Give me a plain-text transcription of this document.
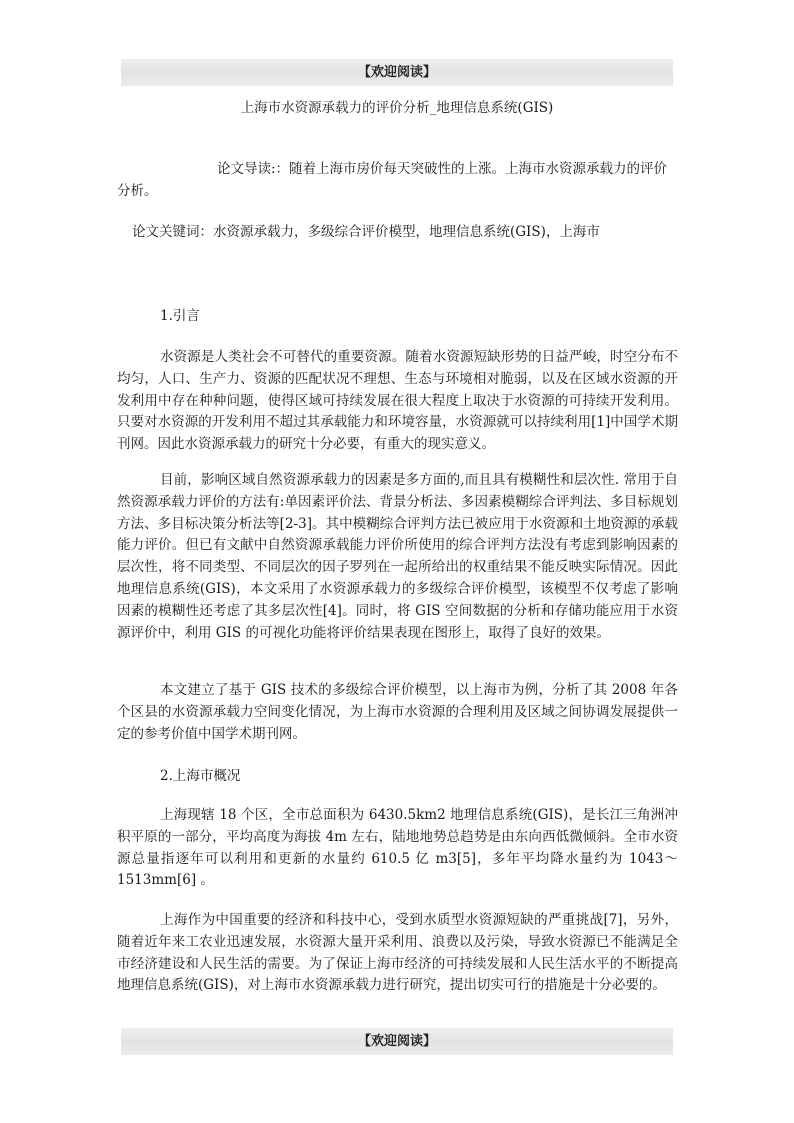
【欢迎阅读】
上海市水资源承载力的评价分析_地理信息系统(GIS)
论文导读:：随着上海市房价每天突破性的上涨。上海市水资源承载力的评价分析。
论文关键词：水资源承载力，多级综合评价模型，地理信息系统(GIS)，上海市
1.引言
水资源是人类社会不可替代的重要资源。随着水资源短缺形势的日益严峻，时空分布不均匀，人口、生产力、资源的匹配状况不理想、生态与环境相对脆弱，以及在区域水资源的开发利用中存在种种问题，使得区域可持续发展在很大程度上取决于水资源的可持续开发利用。只要对水资源的开发利用不超过其承载能力和环境容量，水资源就可以持续利用[1]中国学术期刊网。因此水资源承载力的研究十分必要，有重大的现实意义。
目前，影响区域自然资源承载力的因素是多方面的,而且具有模糊性和层次性. 常用于自然资源承载力评价的方法有:单因素评价法、背景分析法、多因素模糊综合评判法、多目标规划方法、多目标决策分析法等[2-3]。其中模糊综合评判方法已被应用于水资源和土地资源的承载能力评价。但已有文献中自然资源承载能力评价所使用的综合评判方法没有考虑到影响因素的层次性，将不同类型、不同层次的因子罗列在一起所给出的权重结果不能反映实际情况。因此地理信息系统(GIS)，本文采用了水资源承载力的多级综合评价模型，该模型不仅考虑了影响因素的模糊性还考虑了其多层次性[4]。同时，将 GIS 空间数据的分析和存储功能应用于水资源评价中，利用 GIS 的可视化功能将评价结果表现在图形上，取得了良好的效果。
本文建立了基于 GIS 技术的多级综合评价模型，以上海市为例，分析了其 2008 年各个区县的水资源承载力空间变化情况，为上海市水资源的合理利用及区域之间协调发展提供一定的参考价值中国学术期刊网。
2.上海市概况
上海现辖 18 个区，全市总面积为 6430.5km2 地理信息系统(GIS)，是长江三角洲冲积平原的一部分，平均高度为海拔 4m 左右，陆地地势总趋势是由东向西低微倾斜。全市水资源总量指逐年可以利用和更新的水量约 610.5 亿 m3[5]，多年平均降水量约为 1043～1513mm[6] 。
上海作为中国重要的经济和科技中心，受到水质型水资源短缺的严重挑战[7]，另外，随着近年来工农业迅速发展，水资源大量开采利用、浪费以及污染，导致水资源已不能满足全市经济建设和人民生活的需要。为了保证上海市经济的可持续发展和人民生活水平的不断提高地理信息系统(GIS)，对上海市水资源承载力进行研究，提出切实可行的措施是十分必要的。
【欢迎阅读】
